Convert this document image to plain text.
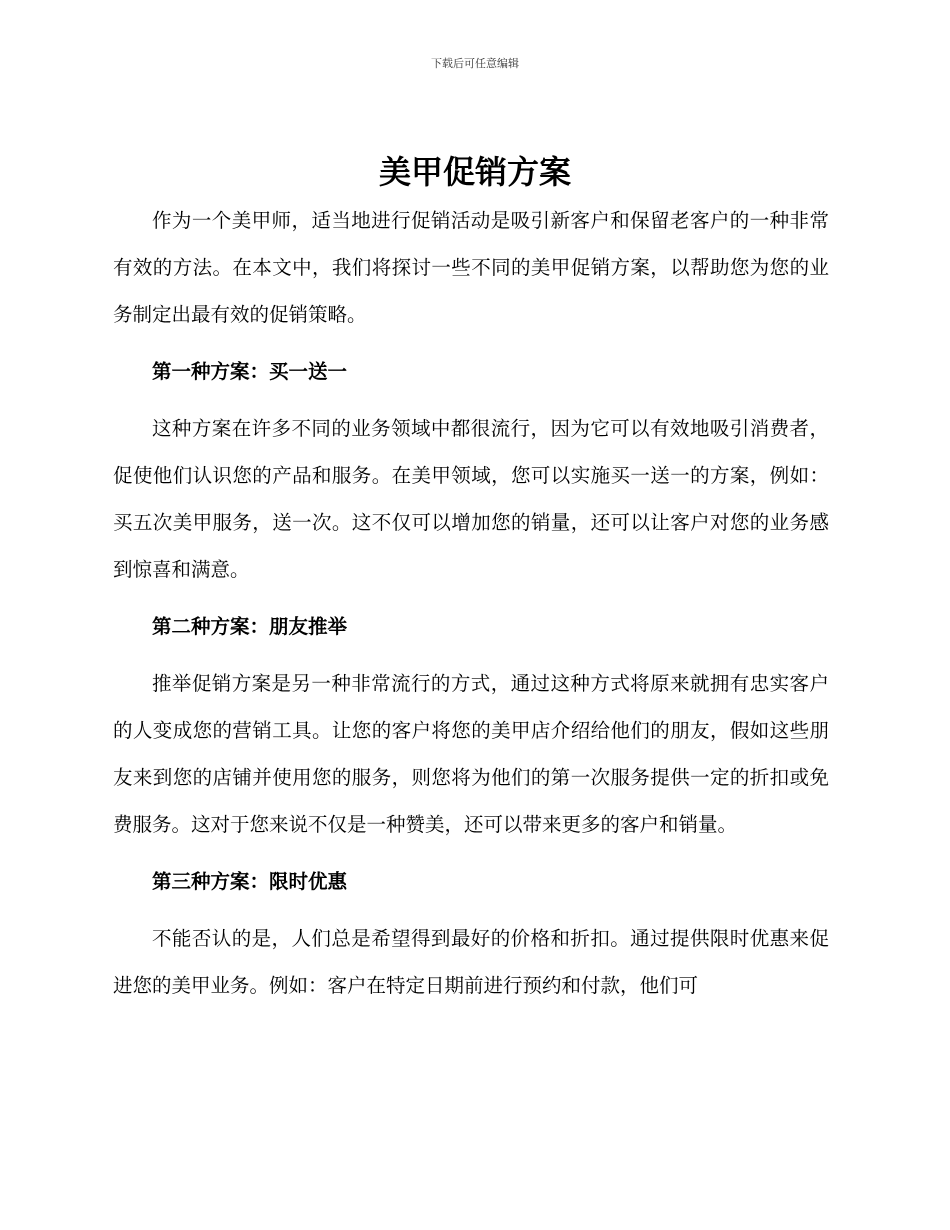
下载后可任意编辑

美甲促销方案

作为一个美甲师，适当地进行促销活动是吸引新客户和保留老客户的一种非常有效的方法。在本文中，我们将探讨一些不同的美甲促销方案，以帮助您为您的业务制定出最有效的促销策略。

第一种方案：买一送一

这种方案在许多不同的业务领域中都很流行，因为它可以有效地吸引消费者，促使他们认识您的产品和服务。在美甲领域，您可以实施买一送一的方案，例如：买五次美甲服务，送一次。这不仅可以增加您的销量，还可以让客户对您的业务感到惊喜和满意。

第二种方案：朋友推举

推举促销方案是另一种非常流行的方式，通过这种方式将原来就拥有忠实客户的人变成您的营销工具。让您的客户将您的美甲店介绍给他们的朋友，假如这些朋友来到您的店铺并使用您的服务，则您将为他们的第一次服务提供一定的折扣或免费服务。这对于您来说不仅是一种赞美，还可以带来更多的客户和销量。

第三种方案：限时优惠

不能否认的是，人们总是希望得到最好的价格和折扣。通过提供限时优惠来促进您的美甲业务。例如：客户在特定日期前进行预约和付款，他们可
